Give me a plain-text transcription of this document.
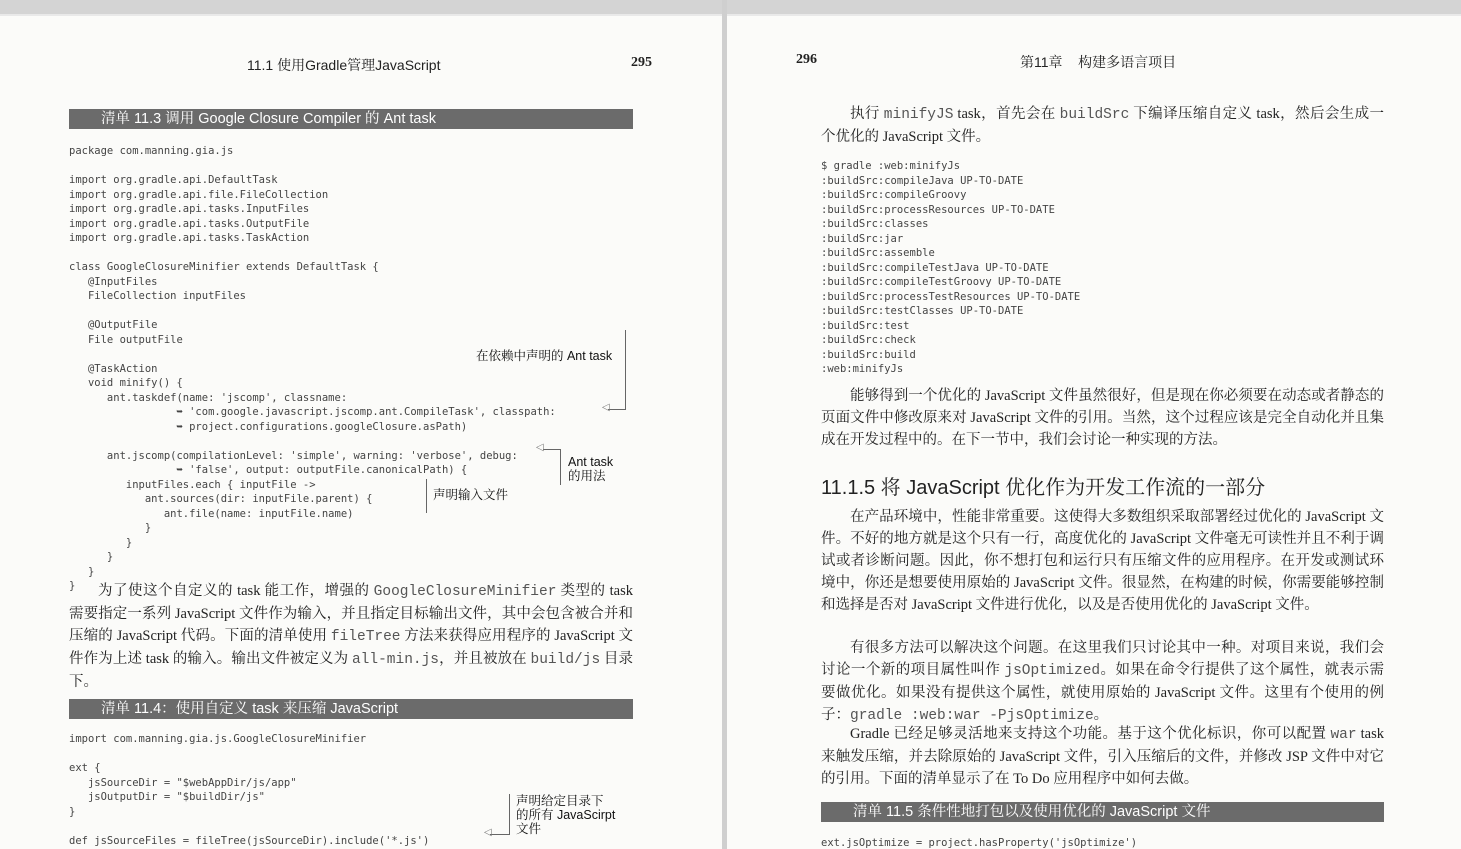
11.1 使用Gradle管理JavaScript	295
清单 11.3 调用 Google Closure Compiler 的 Ant task
package com.manning.gia.js

import org.gradle.api.DefaultTask
import org.gradle.api.file.FileCollection
import org.gradle.api.tasks.InputFiles
import org.gradle.api.tasks.OutputFile
import org.gradle.api.tasks.TaskAction

class GoogleClosureMinifier extends DefaultTask {
@InputFiles
FileCollection inputFiles

@OutputFile
File outputFile

@TaskAction
void minify() {
ant.taskdef(name: 'jscomp', classname:
➥ 'com.google.javascript.jscomp.ant.CompileTask', classpath:
➥ project.configurations.googleClosure.asPath)

ant.jscomp(compilationLevel: 'simple', warning: 'verbose', debug:
➥ 'false', output: outputFile.canonicalPath) {
inputFiles.each { inputFile ->
ant.sources(dir: inputFile.parent) {
ant.file(name: inputFile.name)
}
}
}
}
}
在依赖中声明的 Ant task
◁
Ant task
的用法
◁
声明输入文件

为了使这个自定义的 task 能工作，增强的 GoogleClosureMinifier 类型的 task 需要指定一系列 JavaScript 文件作为输入，并且指定目标输出文件，其中会包含被合并和压缩的 JavaScript 代码。下面的清单使用 fileTree 方法来获得应用程序的 JavaScript 文件作为上述 task 的输入。输出文件被定义为 all-min.js，并且被放在 build/js 目录下。

清单 11.4：使用自定义 task 来压缩 JavaScript
import com.manning.gia.js.GoogleClosureMinifier

ext {
jsSourceDir = "$webAppDir/js/app"
jsOutputDir = "$buildDir/js"
}

def jsSourceFiles = fileTree(jsSourceDir).include('*.js')
声明给定目录下
的所有 JavaScirpt
文件
◁
296	第11章    构建多语言项目

执行 minifyJS task，首先会在 buildSrc 下编译压缩自定义 task，然后会生成一个优化的 JavaScript 文件。

$ gradle :web:minifyJs
:buildSrc:compileJava UP-TO-DATE
:buildSrc:compileGroovy
:buildSrc:processResources UP-TO-DATE
:buildSrc:classes
:buildSrc:jar
:buildSrc:assemble
:buildSrc:compileTestJava UP-TO-DATE
:buildSrc:compileTestGroovy UP-TO-DATE
:buildSrc:processTestResources UP-TO-DATE
:buildSrc:testClasses UP-TO-DATE
:buildSrc:test
:buildSrc:check
:buildSrc:build
:web:minifyJs

能够得到一个优化的 JavaScript 文件虽然很好，但是现在你必须要在动态或者静态的页面文件中修改原来对 JavaScript 文件的引用。当然，这个过程应该是完全自动化并且集成在开发过程中的。在下一节中，我们会讨论一种实现的方法。

11.1.5 将 JavaScript 优化作为开发工作流的一部分

在产品环境中，性能非常重要。这使得大多数组织采取部署经过优化的 JavaScript 文件。不好的地方就是这个只有一行，高度优化的 JavaScript 文件毫无可读性并且不利于调试或者诊断问题。因此，你不想打包和运行只有压缩文件的应用程序。在开发或测试环境中，你还是想要使用原始的 JavaScript 文件。很显然，在构建的时候，你需要能够控制和选择是否对 JavaScript 文件进行优化，以及是否使用优化的 JavaScript 文件。

有很多方法可以解决这个问题。在这里我们只讨论其中一种。对项目来说，我们会讨论一个新的项目属性叫作 jsOptimized。如果在命令行提供了这个属性，就表示需要做优化。如果没有提供这个属性，就使用原始的 JavaScript 文件。这里有个使用的例子：gradle :web:war -PjsOptimize。

Gradle 已经足够灵活地来支持这个功能。基于这个优化标识，你可以配置 war task 来触发压缩，并去除原始的 JavaScript 文件，引入压缩后的文件，并修改 JSP 文件中对它的引用。下面的清单显示了在 To Do 应用程序中如何去做。

清单 11.5 条件性地打包以及使用优化的 JavaScript 文件
ext.jsOptimize = project.hasProperty('jsOptimize')
